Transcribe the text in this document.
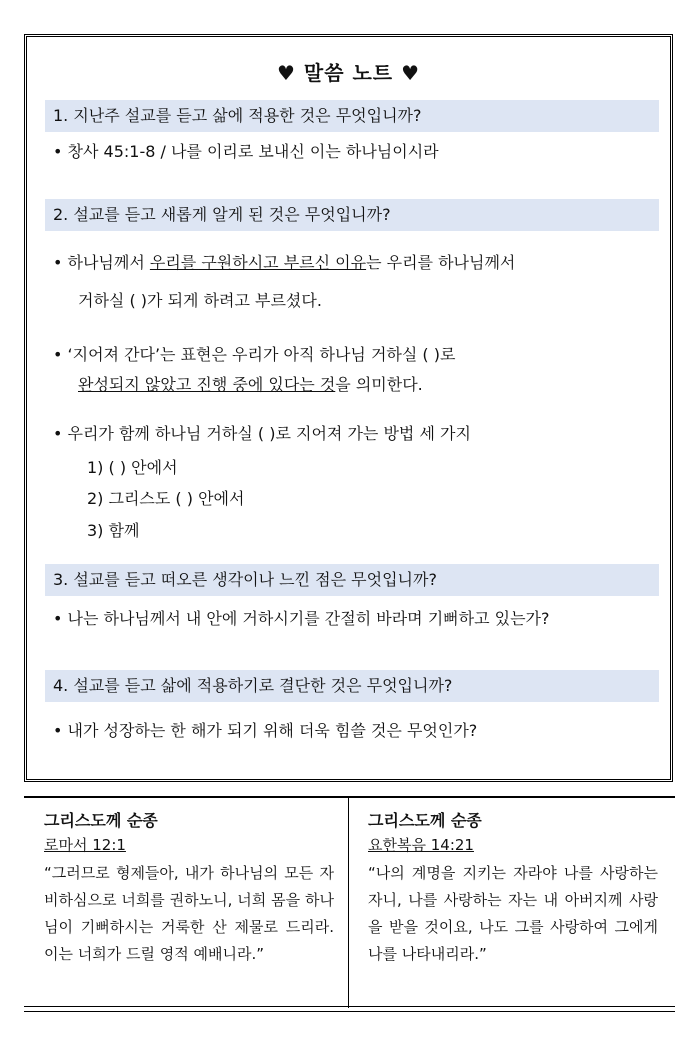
♥ 말씀 노트 ♥
1. 지난주 설교를 듣고 삶에 적용한 것은 무엇입니까?
• 창사 45:1-8 / 나를 이리로 보내신 이는 하나님이시라
2. 설교를 듣고 새롭게 알게 된 것은 무엇입니까?
• 하나님께서 우리를 구원하시고 부르신 이유는 우리를 하나님께서
거하실 ( )가 되게 하려고 부르셨다.
• ‘지어져 간다’는 표현은 우리가 아직 하나님 거하실 ( )로
완성되지 않았고 진행 중에 있다는 것을 의미한다.
• 우리가 함께 하나님 거하실 ( )로 지어져 가는 방법 세 가지
1) ( ) 안에서
2) 그리스도 ( ) 안에서
3) 함께
3. 설교를 듣고 떠오른 생각이나 느낀 점은 무엇입니까?
• 나는 하나님께서 내 안에 거하시기를 간절히 바라며 기뻐하고 있는가?
4. 설교를 듣고 삶에 적용하기로 결단한 것은 무엇입니까?
• 내가 성장하는 한 해가 되기 위해 더욱 힘쓸 것은 무엇인가?
그리스도께 순종
로마서 12:1
“그러므로 형제들아, 내가 하나님의 모든 자비하심으로 너희를 권하노니, 너희 몸을 하나님이 기뻐하시는 거룩한 산 제물로 드리라. 이는 너희가 드릴 영적 예배니라.”
그리스도께 순종
요한복음 14:21
“나의 계명을 지키는 자라야 나를 사랑하는 자니, 나를 사랑하는 자는 내 아버지께 사랑을 받을 것이요, 나도 그를 사랑하여 그에게 나를 나타내리라.”
